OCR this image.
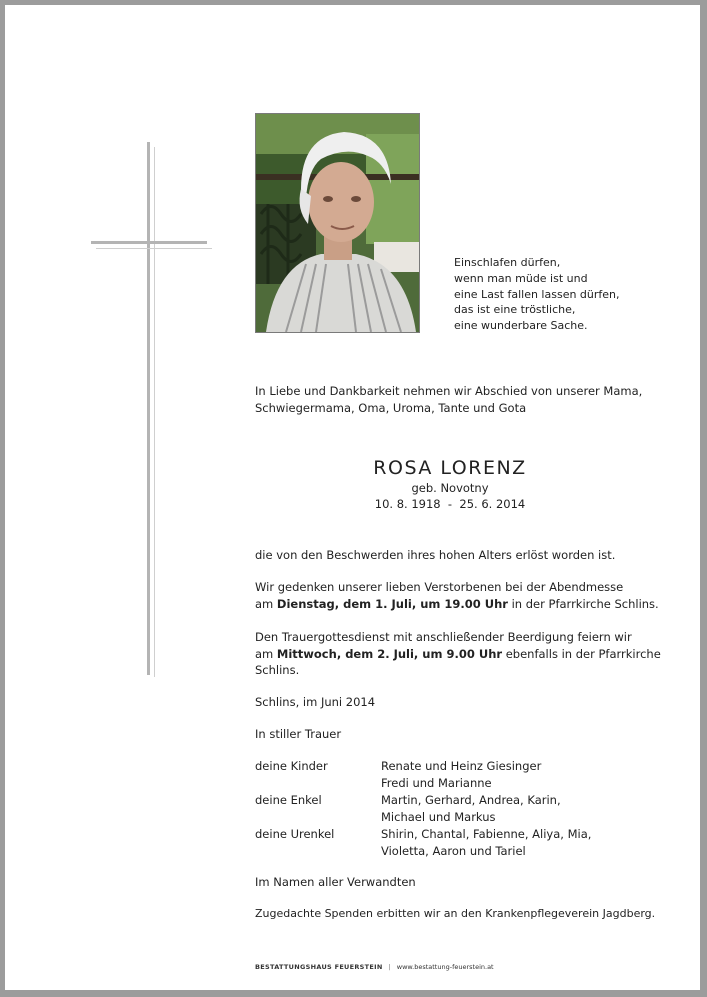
Einschlafen dürfen,
wenn man müde ist und
eine Last fallen lassen dürfen,
das ist eine tröstliche,
eine wunderbare Sache.
In Liebe und Dankbarkeit nehmen wir Abschied von unserer Mama,
Schwiegermama, Oma, Uroma, Tante und Gota
ROSA LORENZ
geb. Novotny
10. 8. 1918  -  25. 6. 2014
die von den Beschwerden ihres hohen Alters erlöst worden ist.
Wir gedenken unserer lieben Verstorbenen bei der Abendmesse
am Dienstag, dem 1. Juli, um 19.00 Uhr in der Pfarrkirche Schlins.
Den Trauergottesdienst mit anschließender Beerdigung feiern wir
am Mittwoch, dem 2. Juli, um 9.00 Uhr ebenfalls in der Pfarrkirche
Schlins.
Schlins, im Juni 2014
In stiller Trauer
deine Kinder	Renate und Heinz Giesinger
Fredi und Marianne
deine Enkel	Martin, Gerhard, Andrea, Karin,
Michael und Markus
deine Urenkel	Shirin, Chantal, Fabienne, Aliya, Mia,
Violetta, Aaron und Tariel
Im Namen aller Verwandten
Zugedachte Spenden erbitten wir an den Krankenpflegeverein Jagdberg.
BESTATTUNGSHAUS FEUERSTEIN | www.bestattung-feuerstein.at
